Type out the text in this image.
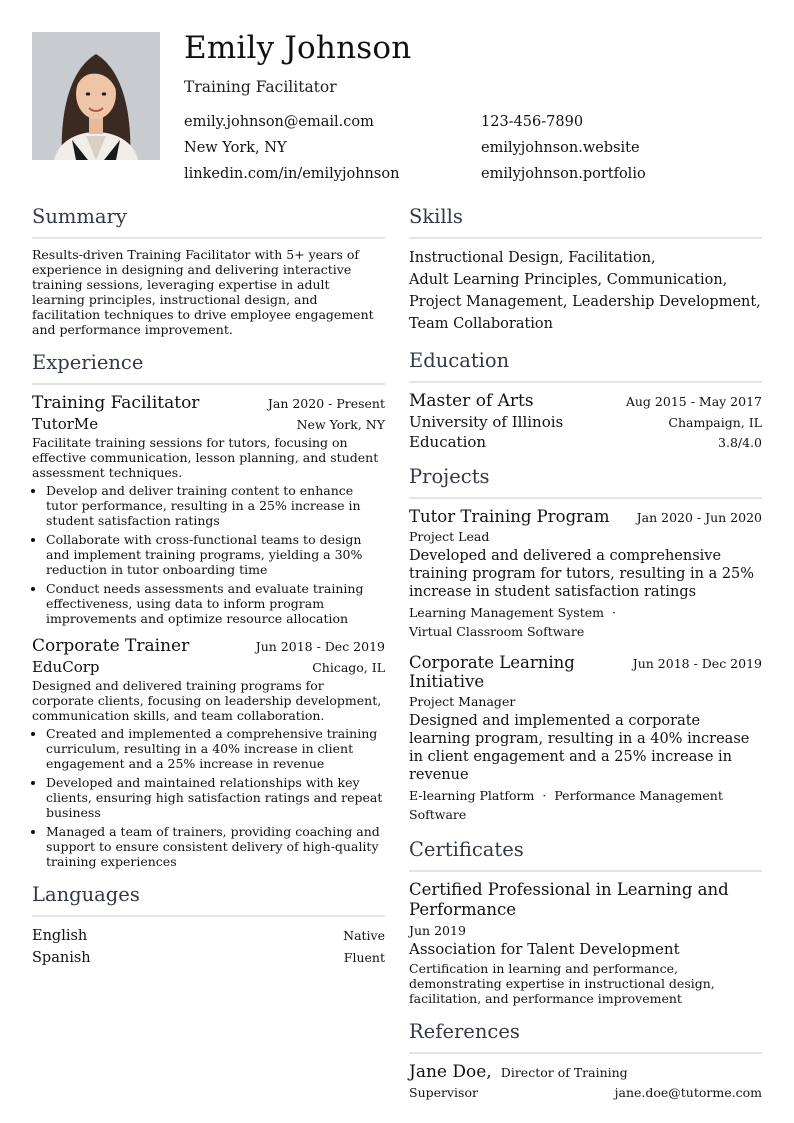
Emily Johnson
Training Facilitator
emily.johnson@email.com	123-456-7890
New York, NY	emilyjohnson.website
linkedin.com/in/emilyjohnson	emilyjohnson.portfolio
Summary
Results-driven Training Facilitator with 5+ years of experience in designing and delivering interactive training sessions, leveraging expertise in adult learning principles, instructional design, and facilitation techniques to drive employee engagement and performance improvement.
Experience
Training Facilitator	Jan 2020 - Present
TutorMe	New York, NY
Facilitate training sessions for tutors, focusing on effective communication, lesson planning, and student assessment techniques.
• Develop and deliver training content to enhance tutor performance, resulting in a 25% increase in student satisfaction ratings
• Collaborate with cross-functional teams to design and implement training programs, yielding a 30% reduction in tutor onboarding time
• Conduct needs assessments and evaluate training effectiveness, using data to inform program improvements and optimize resource allocation
Corporate Trainer	Jun 2018 - Dec 2019
EduCorp	Chicago, IL
Designed and delivered training programs for corporate clients, focusing on leadership development, communication skills, and team collaboration.
• Created and implemented a comprehensive training curriculum, resulting in a 40% increase in client engagement and a 25% increase in revenue
• Developed and maintained relationships with key clients, ensuring high satisfaction ratings and repeat business
• Managed a team of trainers, providing coaching and support to ensure consistent delivery of high-quality training experiences
Languages
English	Native
Spanish	Fluent
Skills
Instructional Design, Facilitation,
Adult Learning Principles, Communication,
Project Management, Leadership Development,
Team Collaboration
Education
Master of Arts	Aug 2015 - May 2017
University of Illinois	Champaign, IL
Education	3.8/4.0
Projects
Tutor Training Program Jan 2020 - Jun 2020
Project Lead
Developed and delivered a comprehensive training program for tutors, resulting in a 25% increase in student satisfaction ratings
Learning Management System ·
Virtual Classroom Software
Corporate Learning Initiative
Jun 2018 - Dec 2019
Project Manager
Designed and implemented a corporate learning program, resulting in a 40% increase in client engagement and a 25% increase in revenue
E-learning Platform · Performance Management Software
Certificates
Certified Professional in Learning and Performance
Jun 2019
Association for Talent Development
Certification in learning and performance, demonstrating expertise in instructional design, facilitation, and performance improvement
References
Jane Doe, Director of Training
Supervisor	jane.doe@tutorme.com
